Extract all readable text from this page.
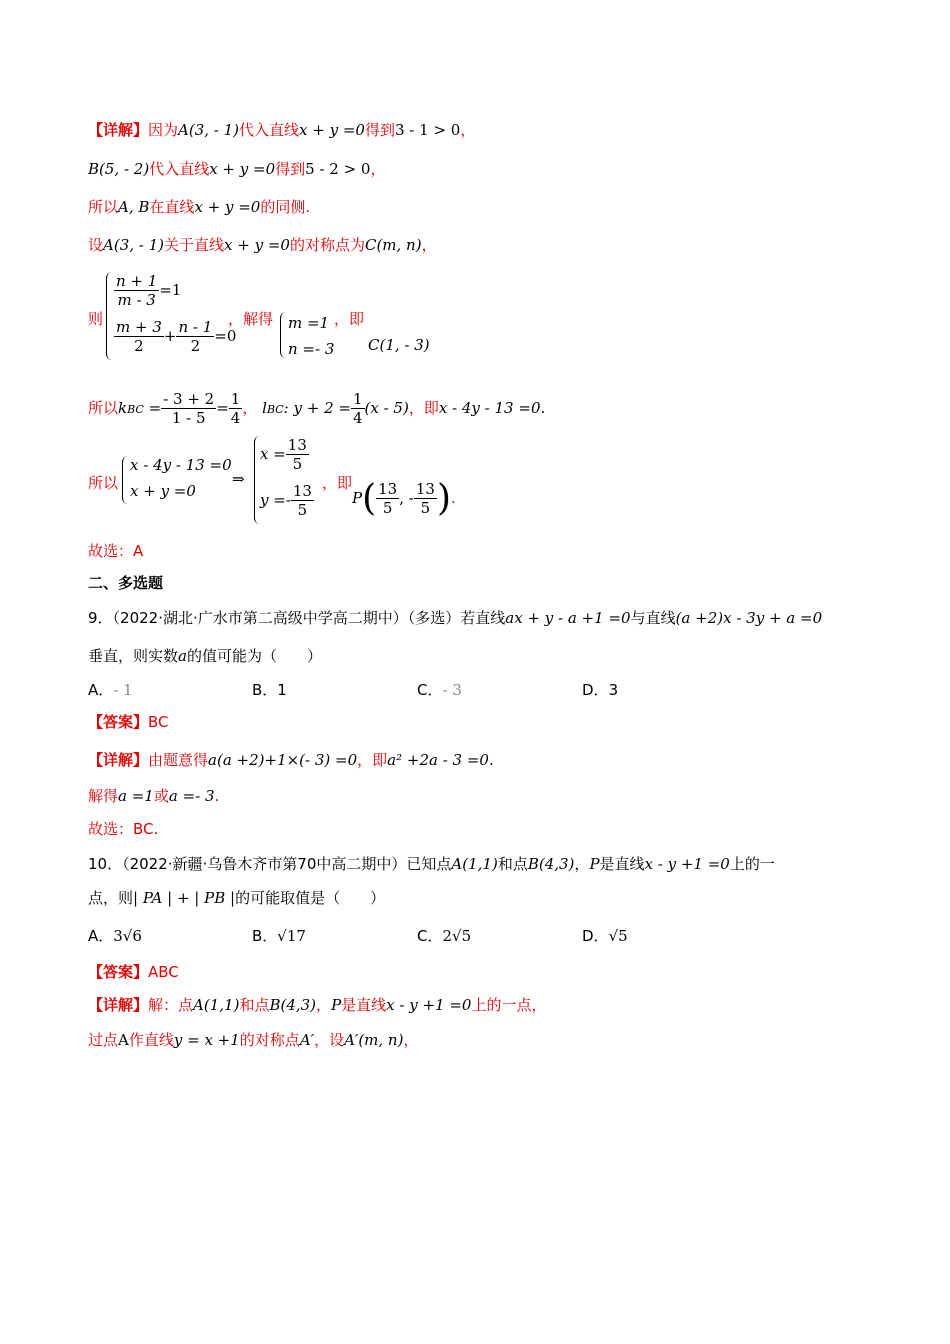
【详解】因为A(3, - 1)代入直线x + y =0得到3 - 1 > 0，
B(5, - 2)代入直线x + y =0得到5 - 2 > 0，
所以A, B在直线x + y =0的同侧.
设A(3, - 1)关于直线x + y =0的对称点为C(m, n)，
则
$\frac{n + 1}{m - 3} =1$
$\frac{m + 3}{2} + \frac{n - 1}{2} =0$
，解得 m =1
n =- 3
，即
C(1, - 3)
所以kBC = $\frac{- 3 + 2}{1 - 5} = \frac{1}{4}$ ， lBC: $y + 2 = \frac{1}{4} (x - 5)$，即x - 4y - 13 =0.
所以
x - 4y - 13 =0
x + y =0
⇒
$x = \frac{13}{5}$
$y =- \frac{13}{5}$ ，即
$P( \frac{13}{5}$ , - $\frac{13}{5}$ ).
故选：A
二、多选题
9．（2022·湖北·广水市第二高级中学高二期中）（多选）若直线ax + y - a +1 =0与直线(a +2)x - 3y + a =0
垂直，则实数a的值可能为（　　）
A．- 1	B．1	C．- 3	D．3
【答案】BC
【详解】由题意得a(a +2)+1×(- 3) =0，即a² +2a - 3 =0.
解得a =1或a =- 3.
故选：BC.
10．（2022·新疆·乌鲁木齐市第70中高二期中）已知点A(1,1)和点B(4,3)，P是直线x - y +1 =0上的一
点，则| PA | + | PB |的可能取值是（　　）
A．3√6	B．√17	C．2√5	D．√5
【答案】ABC
【详解】解：点A(1,1)和点B(4,3)，P是直线x - y +1 =0上的一点，
过点A作直线y = x +1的对称点A′，设A′(m, n)，
